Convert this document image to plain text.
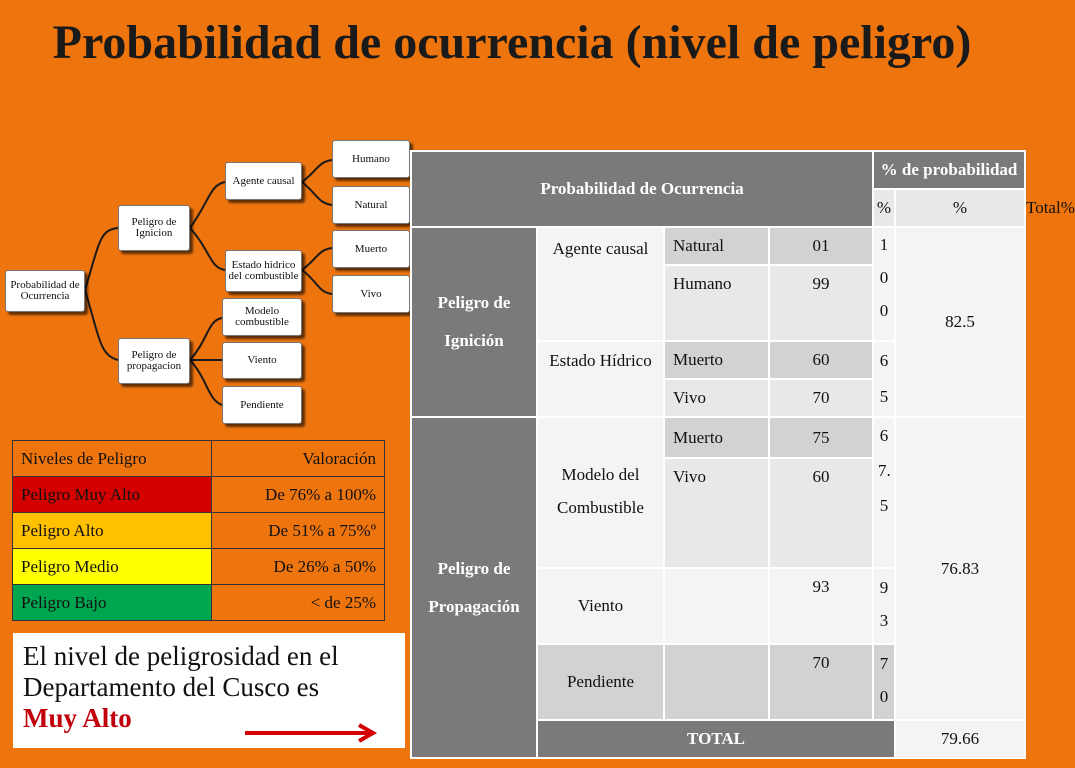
Probabilidad de ocurrencia (nivel de peligro)
Probabilidad de Ocurrencia
Peligro de Ignicion
Peligro de propagacion
Agente causal
Estado hidrico del combustible
Modelo combustible
Viento
Pendiente
Humano
Natural
Muerto
Vivo
Probabilidad de Ocurrencia				% de probabilidad		
				%	%	Total%
Peligro de Ignición	Agente causal	Natural	01	100	82.5	
		Humano	99			
	Estado Hídrico	Muerto	60	65		
		Vivo	70			
Peligro de Propagación	Modelo del Combustible	Muerto	75	67.5	76.83	
		Vivo	60			
	Viento		93	93		
	Pendiente		70	70		
	TOTAL				79.66	
Niveles de Peligro	Valoración
Peligro Muy Alto	De 76% a 100%
Peligro Alto	De 51% a 75%º
Peligro Medio	De 26% a 50%
Peligro Bajo	< de 25%
El nivel de peligrosidad en el Departamento del Cusco es
Muy Alto
